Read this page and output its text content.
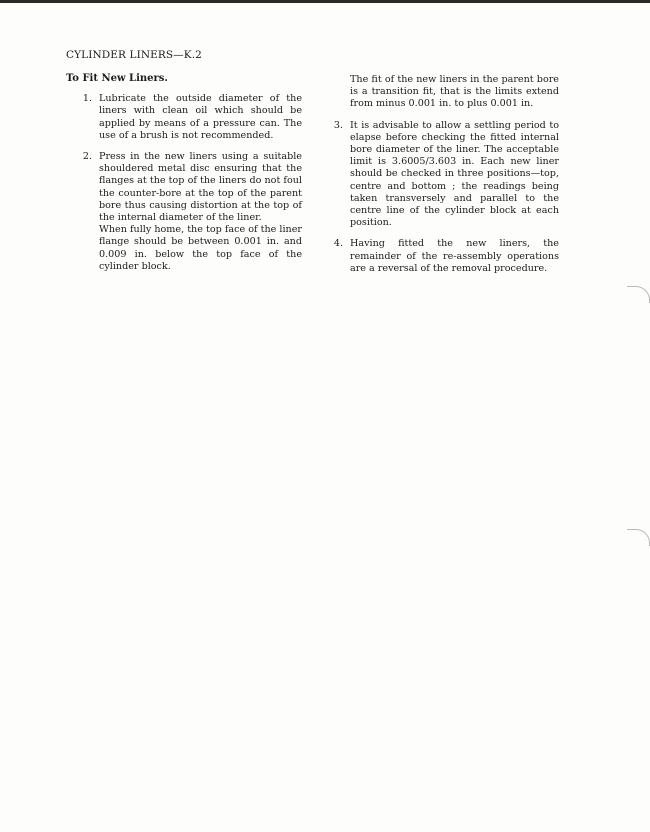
CYLINDER LINERS—K.2
To Fit New Liners.
1. Lubricate the outside diameter of the liners with clean oil which should be applied by means of a pressure can. The use of a brush is not recommended.

2. Press in the new liners using a suitable shouldered metal disc ensuring that the flanges at the top of the liners do not foul the counter-bore at the top of the parent bore thus causing distortion at the top of the internal diameter of the liner.

When fully home, the top face of the liner flange should be between 0.001 in. and 0.009 in. below the top face of the cylinder block.

The fit of the new liners in the parent bore is a transition fit, that is the limits extend from minus 0.001 in. to plus 0.001 in.
3. It is advisable to allow a settling period to elapse before checking the fitted internal bore diameter of the liner. The acceptable limit is 3.6005/3.603 in. Each new liner should be checked in three positions—top, centre and bottom ; the readings being taken transversely and parallel to the centre line of the cylinder block at each position.
4. Having fitted the new liners, the remainder of the re-assembly operations are a reversal of the removal procedure.
